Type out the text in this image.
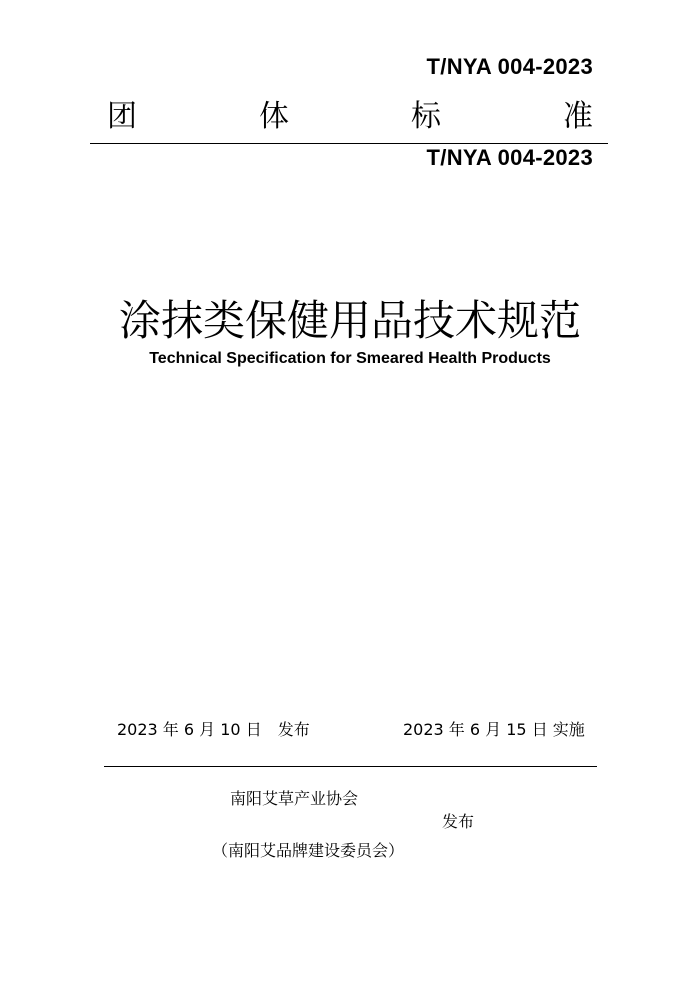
T/NYA 004-2023
团	体	标	准
T/NYA 004-2023
涂抹类保健用品技术规范
Technical Specification for Smeared Health Products
2023 年 6 月 10 日　发布	2023 年 6 月 15 日 实施
南阳艾草产业协会
发布
（南阳艾品牌建设委员会）
